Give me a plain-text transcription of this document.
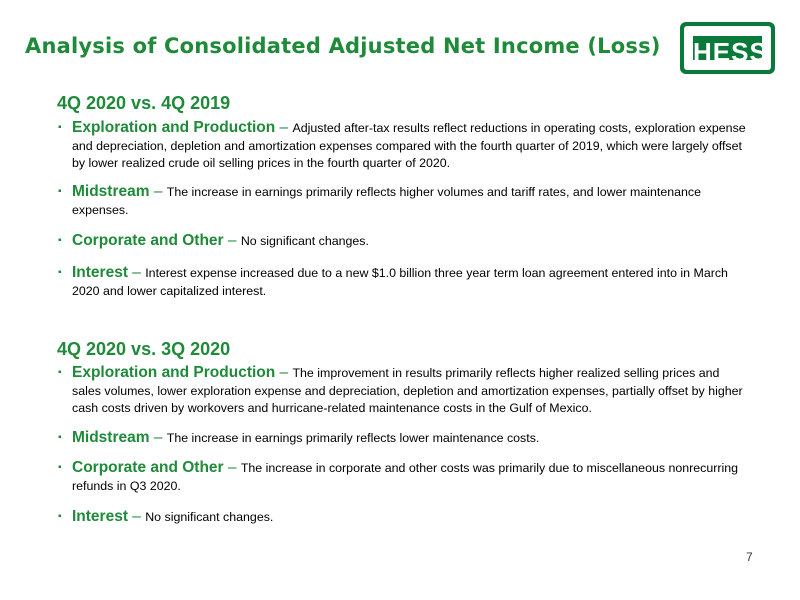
Analysis of Consolidated Adjusted Net Income (Loss) HESS
4Q 2020 vs. 4Q 2019
▪ Exploration and Production – Adjusted after-tax results reflect reductions in operating costs, exploration expense and depreciation, depletion and amortization expenses compared with the fourth quarter of 2019, which were largely offset by lower realized crude oil selling prices in the fourth quarter of 2020.
▪ Midstream – The increase in earnings primarily reflects higher volumes and tariff rates, and lower maintenance expenses.
▪ Corporate and Other – No significant changes.
▪ Interest – Interest expense increased due to a new $1.0 billion three year term loan agreement entered into in March 2020 and lower capitalized interest.
4Q 2020 vs. 3Q 2020
▪ Exploration and Production – The improvement in results primarily reflects higher realized selling prices and sales volumes, lower exploration expense and depreciation, depletion and amortization expenses, partially offset by higher cash costs driven by workovers and hurricane-related maintenance costs in the Gulf of Mexico.
▪ Midstream – The increase in earnings primarily reflects lower maintenance costs.
▪ Corporate and Other – The increase in corporate and other costs was primarily due to miscellaneous nonrecurring refunds in Q3 2020.
▪ Interest – No significant changes.
7
